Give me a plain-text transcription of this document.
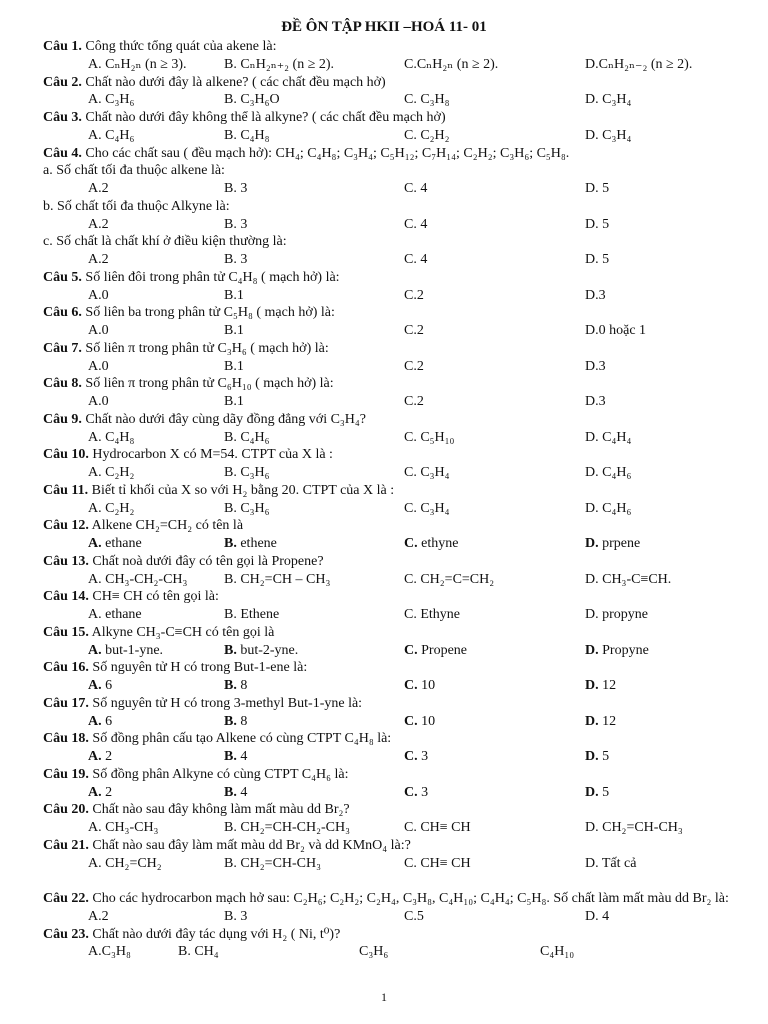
ĐỀ ÔN TẬP HKII –HOÁ 11- 01
Câu 1. Công thức tổng quát của akene là:
A. CₙH₂ₙ (n ≥ 3).	B. CₙH₂ₙ₊₂ (n ≥ 2).	C.CₙH₂ₙ (n ≥ 2).	D.CₙH₂ₙ₋₂ (n ≥ 2).
Câu 2. Chất nào dưới đây là alkene? ( các chất đều mạch hở)
A. C₃H₆	B. C₃H₆O	C. C₃H₈	D. C₃H₄
Câu 3. Chất nào dưới đây không thể là alkyne? ( các chất đều mạch hở)
A. C₄H₆	B. C₄H₈	C. C₂H₂	D. C₃H₄
Câu 4. Cho các chất sau ( đều mạch hở): CH₄; C₄H₈; C₃H₄; C₅H₁₂; C₇H₁₄; C₂H₂; C₃H₆; C₅H₈.
a. Số chất tối đa thuộc alkene là:
A.2	B. 3	C. 4	D. 5
b. Số chất tối đa thuộc Alkyne là:
A.2	B. 3	C. 4	D. 5
c. Số chất là chất khí ở điều kiện thường là:
A.2	B. 3	C. 4	D. 5
Câu 5. Số liên đôi trong phân tử C₄H₈ ( mạch hở) là:
A.0	B.1	C.2	D.3
Câu 6. Số liên ba trong phân tử C₅H₈ ( mạch hở) là:
A.0	B.1	C.2	D.0 hoặc 1
Câu 7. Số liên π trong phân tử C₃H₆ ( mạch hở) là:
A.0	B.1	C.2	D.3
Câu 8. Số liên π trong phân tử C₆H₁₀ ( mạch hở) là:
A.0	B.1	C.2	D.3
Câu 9. Chất nào dưới đây cùng dãy đồng đẳng với C₃H₄?
A. C₄H₈	B. C₄H₆	C. C₅H₁₀	D. C₄H₄
Câu 10. Hydrocarbon X có M=54. CTPT của X là :
A. C₂H₂	B. C₃H₆	C. C₃H₄	D. C₄H₆
Câu 11. Biết tỉ khối của X so với H₂ bằng 20. CTPT của X là :
A. C₂H₂	B. C₃H₆	C. C₃H₄	D. C₄H₆
Câu 12. Alkene CH₂=CH₂ có tên là
A. ethane	B. ethene	C. ethyne	D. prpene
Câu 13. Chất noà dưới đây có tên gọi là Propene?
A. CH₃-CH₂-CH₃	B. CH₂=CH – CH₃	C. CH₂=C=CH₂	D. CH₃-C≡CH.
Câu 14. CH≡ CH có tên gọi là:
A. ethane	B. Ethene	C. Ethyne	D. propyne
Câu 15. Alkyne CH₃-C≡CH có tên gọi là
A. but-1-yne.	B. but-2-yne.	C. Propene	D. Propyne
Câu 16. Số nguyên tử H có trong But-1-ene là:
A. 6	B. 8	C. 10	D. 12
Câu 17. Số nguyên tử H có trong 3-methyl But-1-yne là:
A. 6	B. 8	C. 10	D. 12
Câu 18. Số đồng phân cấu tạo Alkene có cùng CTPT C₄H₈ là:
A. 2	B. 4	C. 3	D. 5
Câu 19. Số đồng phân Alkyne có cùng CTPT C₄H₆ là:
A. 2	B. 4	C. 3	D. 5
Câu 20. Chất nào sau đây không làm mất màu dd Br₂?
A. CH₃-CH₃	B. CH₂=CH-CH₂-CH₃	C. CH≡ CH	D. CH₂=CH-CH₃
Câu 21. Chất nào sau đây làm mất màu dd Br₂ và dd KMnO₄ là:?
A. CH₂=CH₂	B. CH₂=CH-CH₃	C. CH≡ CH	D. Tất cả
Câu 22. Cho các hydrocarbon mạch hở sau: C₂H₆; C₂H₂; C₂H₄, C₃H₈, C₄H₁₀; C₄H₄; C₅H₈. Số chất làm mất màu dd Br₂ là:
A.2	B. 3	C.5	D. 4
Câu 23. Chất nào dưới đây tác dụng với H₂ ( Ni, t⁰)?
A.C₃H₈	B. CH₄	C₃H₆	C₄H₁₀
1
